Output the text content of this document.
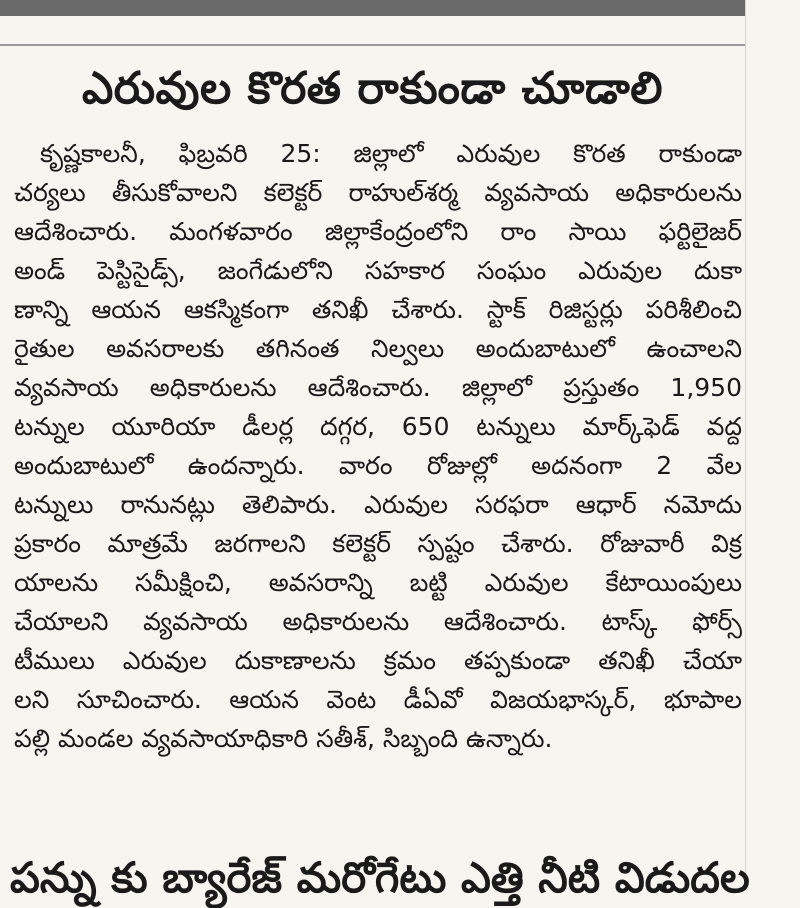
ఎరువుల కొరత రాకుండా చూడాలి
కృష్ణకాలనీ, ఫిబ్రవరి 25: జిల్లాలో ఎరువుల కొరత రాకుండా
చర్యలు తీసుకోవాలని కలెక్టర్ రాహుల్‌శర్మ వ్యవసాయ అధికారులను
ఆదేశించారు. మంగళవారం జిల్లాకేంద్రంలోని రాం సాయి ఫర్టిలైజర్
అండ్ పెస్టిసైడ్స్, జంగేడులోని సహకార సంఘం ఎరువుల దుకా
ణాన్ని ఆయన ఆకస్మికంగా తనిఖీ చేశారు. స్టాక్ రిజిస్టర్లు పరిశీలించి
రైతుల అవసరాలకు తగినంత నిల్వలు అందుబాటులో ఉంచాలని
వ్యవసాయ అధికారులను ఆదేశించారు. జిల్లాలో ప్రస్తుతం 1,950
టన్నుల యూరియా డీలర్ల దగ్గర, 650 టన్నులు మార్క్‌ఫెడ్ వద్ద
అందుబాటులో ఉందన్నారు. వారం రోజుల్లో అదనంగా 2 వేల
టన్నులు రానునట్లు తెలిపారు. ఎరువుల సరఫరా ఆధార్ నమోదు
ప్రకారం మాత్రమే జరగాలని కలెక్టర్ స్పష్టం చేశారు. రోజువారీ విక్ర
యాలను సమీక్షించి, అవసరాన్ని బట్టి ఎరువుల కేటాయింపులు
చేయాలని వ్యవసాయ అధికారులను ఆదేశించారు. టాస్క్ ఫోర్స్
టీములు ఎరువుల దుకాణాలను క్రమం తప్పకుండా తనిఖీ చేయా
లని సూచించారు. ఆయన వెంట డీఏవో విజయభాస్కర్, భూపాల
పల్లి మండల వ్యవసాయాధికారి సతీశ్, సిబ్బంది ఉన్నారు.
పన్ను కు బ్యారేజ్ మరోగేటు ఎత్తి నీటి విడుదల
